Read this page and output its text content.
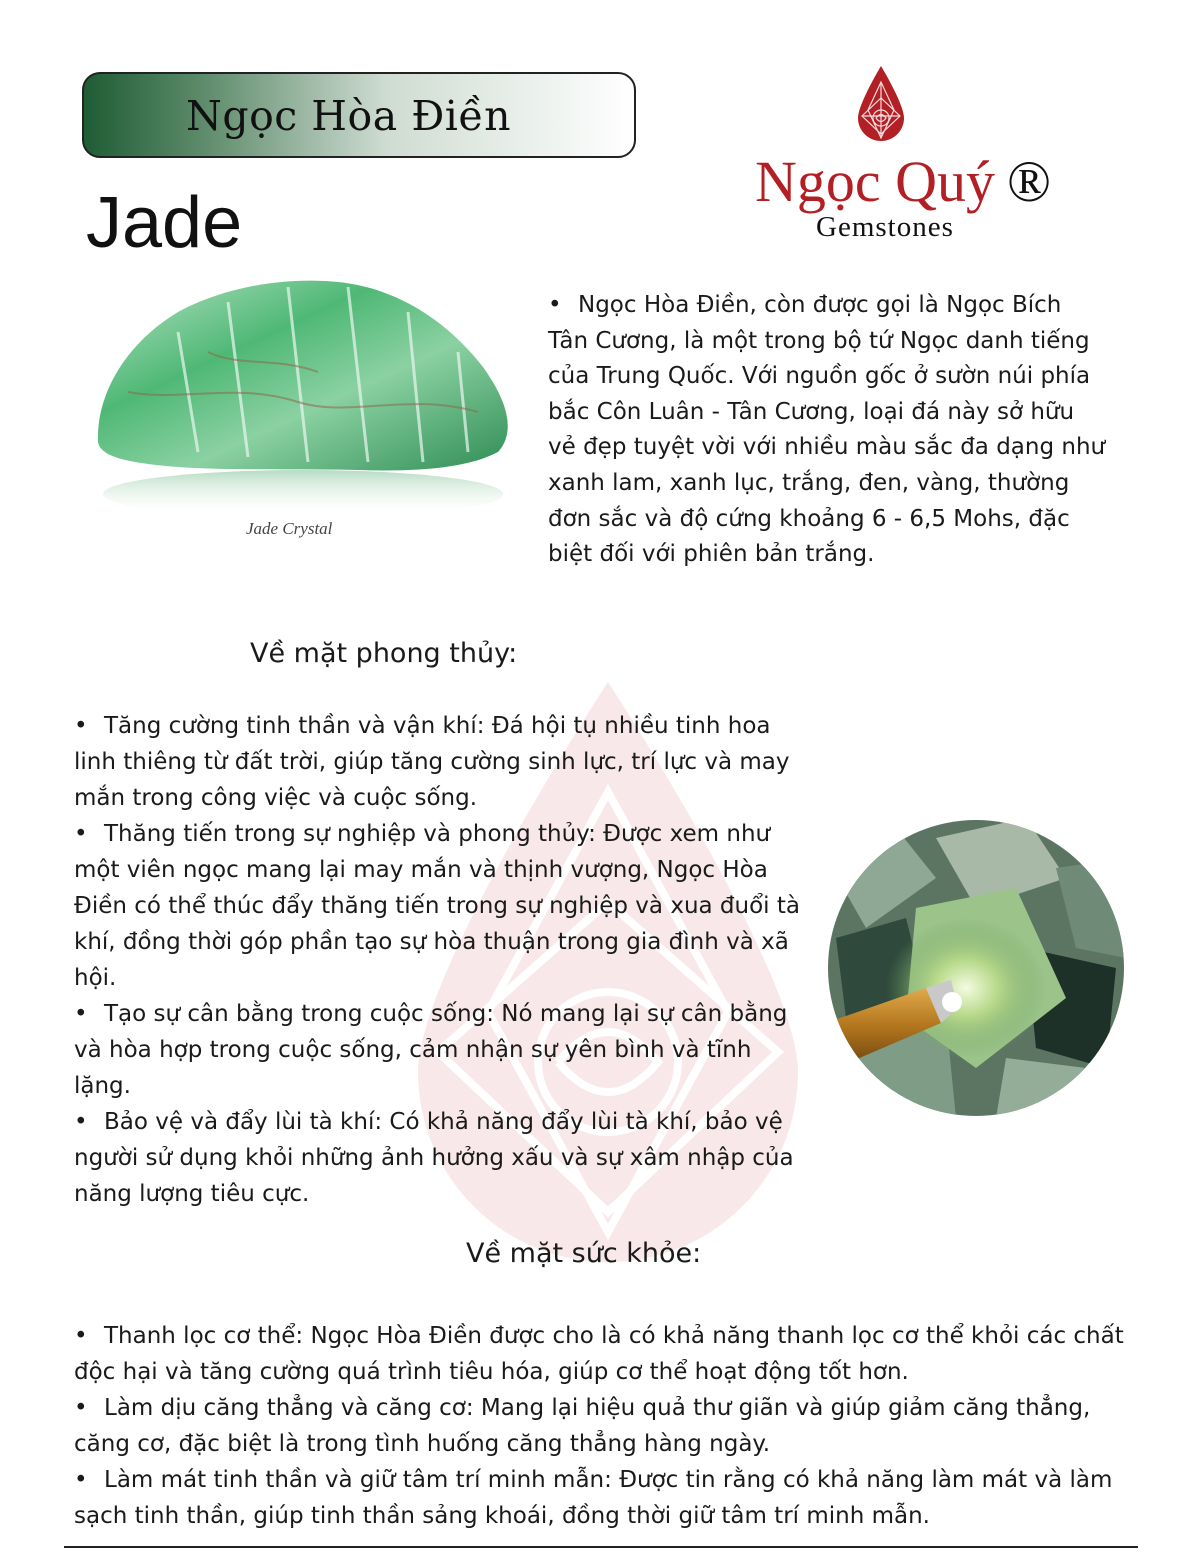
Ngọc Hòa Điền
Jade
Ngọc Quý ®
Gemstones
Jade Crystal
• Ngọc Hòa Điền, còn được gọi là Ngọc Bích Tân Cương, là một trong bộ tứ Ngọc danh tiếng của Trung Quốc. Với nguồn gốc ở sườn núi phía bắc Côn Luân - Tân Cương, loại đá này sở hữu vẻ đẹp tuyệt vời với nhiều màu sắc đa dạng như xanh lam, xanh lục, trắng, đen, vàng, thường đơn sắc và độ cứng khoảng 6 - 6,5 Mohs, đặc biệt đối với phiên bản trắng.
Về mặt phong thủy:
• Tăng cường tinh thần và vận khí: Đá hội tụ nhiều tinh hoa linh thiêng từ đất trời, giúp tăng cường sinh lực, trí lực và may mắn trong công việc và cuộc sống.
• Thăng tiến trong sự nghiệp và phong thủy: Được xem như một viên ngọc mang lại may mắn và thịnh vượng, Ngọc Hòa Điền có thể thúc đẩy thăng tiến trong sự nghiệp và xua đuổi tà khí, đồng thời góp phần tạo sự hòa thuận trong gia đình và xã hội.
• Tạo sự cân bằng trong cuộc sống: Nó mang lại sự cân bằng và hòa hợp trong cuộc sống, cảm nhận sự yên bình và tĩnh lặng.
• Bảo vệ và đẩy lùi tà khí: Có khả năng đẩy lùi tà khí, bảo vệ người sử dụng khỏi những ảnh hưởng xấu và sự xâm nhập của năng lượng tiêu cực.
Về mặt sức khỏe:
• Thanh lọc cơ thể: Ngọc Hòa Điền được cho là có khả năng thanh lọc cơ thể khỏi các chất độc hại và tăng cường quá trình tiêu hóa, giúp cơ thể hoạt động tốt hơn.
• Làm dịu căng thẳng và căng cơ: Mang lại hiệu quả thư giãn và giúp giảm căng thẳng, căng cơ, đặc biệt là trong tình huống căng thẳng hàng ngày.
• Làm mát tinh thần và giữ tâm trí minh mẫn: Được tin rằng có khả năng làm mát và làm sạch tinh thần, giúp tinh thần sảng khoái, đồng thời giữ tâm trí minh mẫn.
